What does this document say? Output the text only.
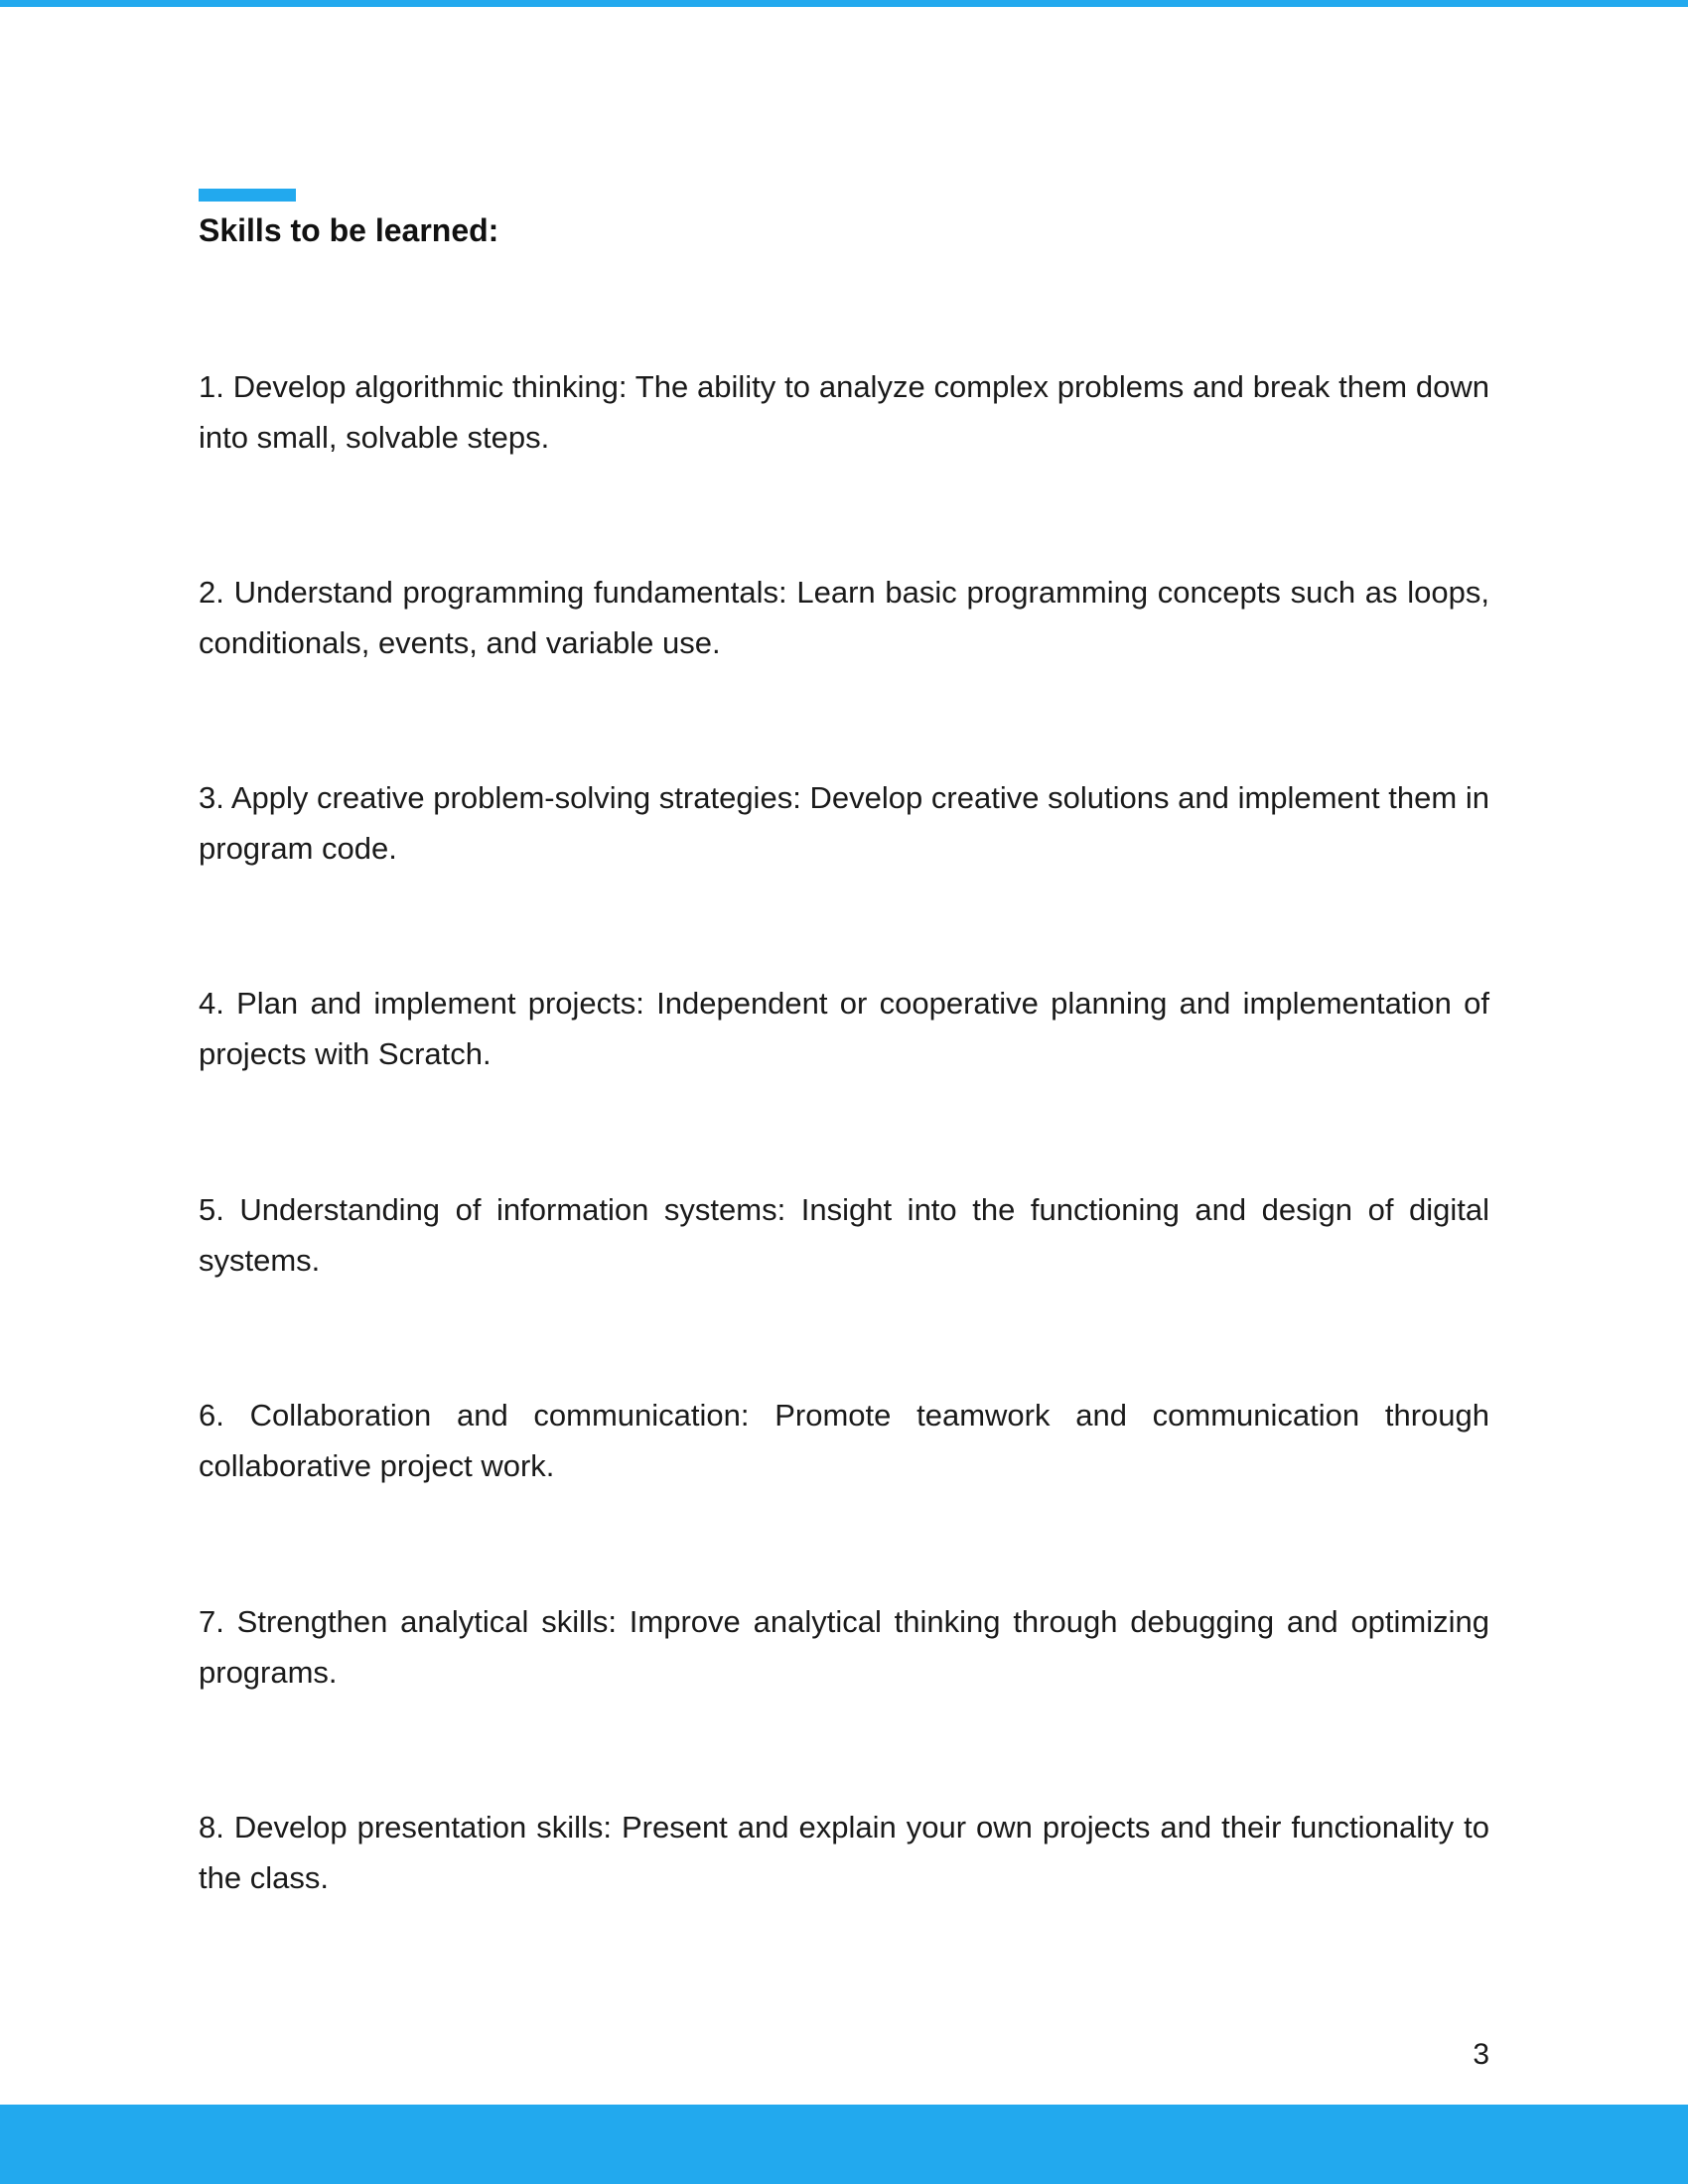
Skills to be learned:

1. Develop algorithmic thinking: The ability to analyze complex problems and break them down into small, solvable steps.

2. Understand programming fundamentals: Learn basic programming concepts such as loops, conditionals, events, and variable use.

3. Apply creative problem-solving strategies: Develop creative solutions and implement them in program code.

4. Plan and implement projects: Independent or cooperative planning and implementation of projects with Scratch.

5. Understanding of information systems: Insight into the functioning and design of digital systems.

6. Collaboration and communication: Promote teamwork and communication through collaborative project work.

7. Strengthen analytical skills: Improve analytical thinking through debugging and optimizing programs.

8. Develop presentation skills: Present and explain your own projects and their functionality to the class.

3
